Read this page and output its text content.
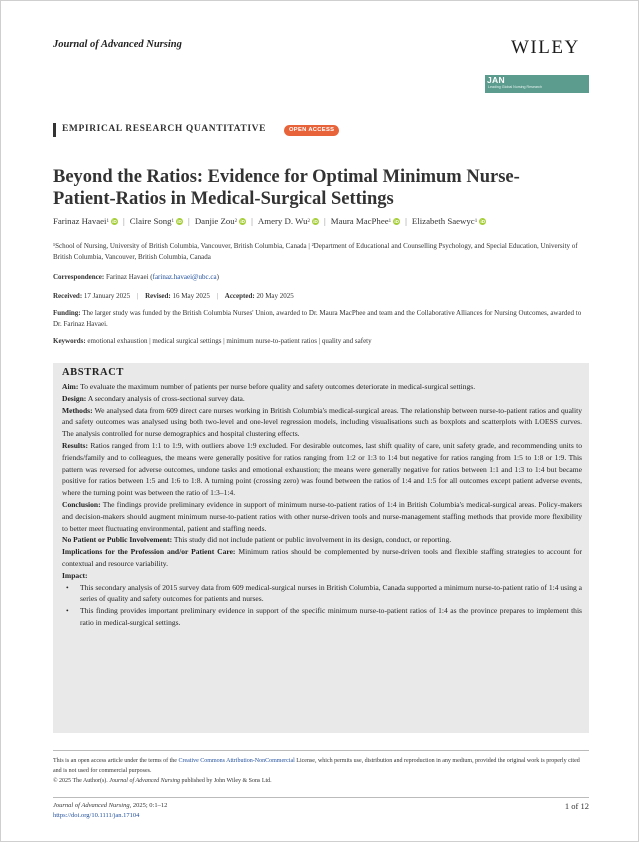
Journal of Advanced Nursing	WILEY
JAN
Leading Global Nursing Research
EMPIRICAL RESEARCH QUANTITATIVE	OPEN ACCESS
Beyond the Ratios: Evidence for Optimal Minimum Nurse-Patient-Ratios in Medical-Surgical Settings
Farinaz Havaei 1 iD | Claire Song 1 iD | Danjie Zou 2 iD | Amery D. Wu 2 iD | Maura MacPhee 1 iD | Elizabeth Saewyc 1 iD
¹School of Nursing, University of British Columbia, Vancouver, British Columbia, Canada | ²Department of Educational and Counselling Psychology, and Special Education, University of British Columbia, Vancouver, British Columbia, Canada
Correspondence: Farinaz Havaei (farinaz.havaei@ubc.ca)
Received: 17 January 2025 | Revised: 16 May 2025 | Accepted: 20 May 2025
Funding: The larger study was funded by the British Columbia Nurses' Union, awarded to Dr. Maura MacPhee and team and the Collaborative Alliances for Nursing Outcomes, awarded to Dr. Farinaz Havaei.
Keywords: emotional exhaustion | medical surgical settings | minimum nurse-to-patient ratios | quality and safety
ABSTRACT

Aim: To evaluate the maximum number of patients per nurse before quality and safety outcomes deteriorate in medical-surgical settings.

Design: A secondary analysis of cross-sectional survey data.

Methods: We analysed data from 609 direct care nurses working in British Columbia's medical-surgical areas. The relationship between nurse-to-patient ratios and quality and safety outcomes was analysed using both two-level and one-level regression models, including visualisations such as boxplots and scatterplots with LOESS curves. The analysis controlled for nurse demographics and hospital clustering effects.

Results: Ratios ranged from 1:1 to 1:9, with outliers above 1:9 excluded. For desirable outcomes, last shift quality of care, unit safety grade, and recommending units to friends/family and to colleagues, the means were generally positive for ratios ranging from 1:2 or 1:3 to 1:4 but negative for ratios ranging from 1:5 to 1:8 or 1:9. This pattern was reversed for adverse outcomes, undone tasks and emotional exhaustion; the means were generally negative for ratios between 1:1 and 1:3 to 1:4 but became positive for ratios between 1:5 and 1:6 to 1:8. A turning point (crossing zero) was found between the ratios of 1:4 and 1:5 for all outcomes except patient adverse events, where the turning point was between the ratio of 1:3–1:4.

Conclusion: The findings provide preliminary evidence in support of minimum nurse-to-patient ratios of 1:4 in British Columbia's medical-surgical areas. Policy-makers and decision-makers should augment minimum nurse-to-patient ratios with other nurse-driven tools and nurse-management staffing methods that provide more flexibility to better meet fluctuating environmental, patient and staffing needs.

No Patient or Public Involvement: This study did not include patient or public involvement in its design, conduct, or reporting.

Implications for the Profession and/or Patient Care: Minimum ratios should be complemented by nurse-driven tools and flexible staffing strategies to account for contextual and resource variability.

Impact:

• This secondary analysis of 2015 survey data from 609 medical-surgical nurses in British Columbia, Canada supported a minimum nurse-to-patient ratio of 1:4 using a series of quality and safety outcomes for patients and nurses.
• This finding provides important preliminary evidence in support of the specific minimum nurse-to-patient ratios of 1:4 as the province prepares to implement this ratio in medical-surgical settings.
This is an open access article under the terms of the Creative Commons Attribution-NonCommercial License, which permits use, distribution and reproduction in any medium, provided the original work is properly cited and is not used for commercial purposes.
© 2025 The Author(s). Journal of Advanced Nursing published by John Wiley & Sons Ltd.
Journal of Advanced Nursing, 2025; 0:1–12
https://doi.org/10.1111/jan.17104
1 of 12
